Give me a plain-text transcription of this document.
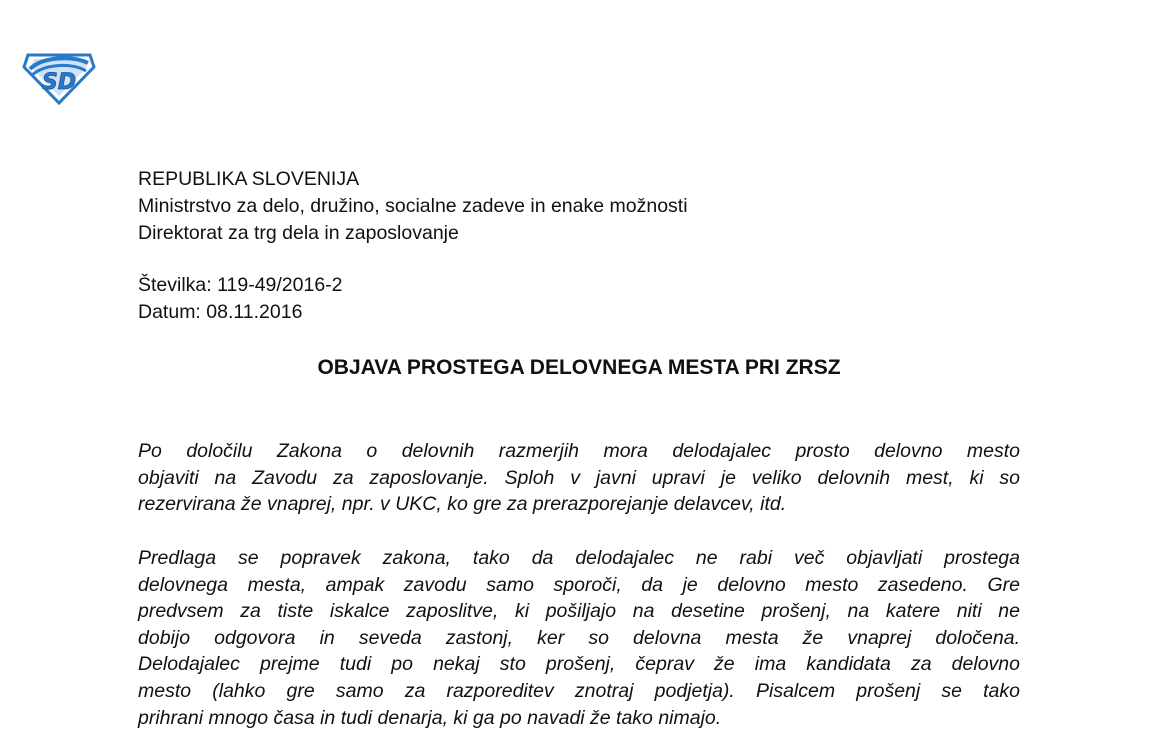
SD
REPUBLIKA SLOVENIJA
Ministrstvo za delo, družino, socialne zadeve in enake možnosti
Direktorat za trg dela in zaposlovanje
Številka: 119-49/2016-2
Datum: 08.11.2016
OBJAVA PROSTEGA DELOVNEGA MESTA PRI ZRSZ
Po določilu Zakona o delovnih razmerjih mora delodajalec prosto delovno mesto
objaviti na Zavodu za zaposlovanje. Sploh v javni upravi je veliko delovnih mest, ki so
rezervirana že vnaprej, npr. v UKC, ko gre za prerazporejanje delavcev, itd.
Predlaga se popravek zakona, tako da delodajalec ne rabi več objavljati prostega
delovnega mesta, ampak zavodu samo sporoči, da je delovno mesto zasedeno. Gre
predvsem za tiste iskalce zaposlitve, ki pošiljajo na desetine prošenj, na katere niti ne
dobijo odgovora in seveda zastonj, ker so delovna mesta že vnaprej določena.
Delodajalec prejme tudi po nekaj sto prošenj, čeprav že ima kandidata za delovno
mesto (lahko gre samo za razporeditev znotraj podjetja). Pisalcem prošenj se tako
prihrani mnogo časa in tudi denarja, ki ga po navadi že tako nimajo.
